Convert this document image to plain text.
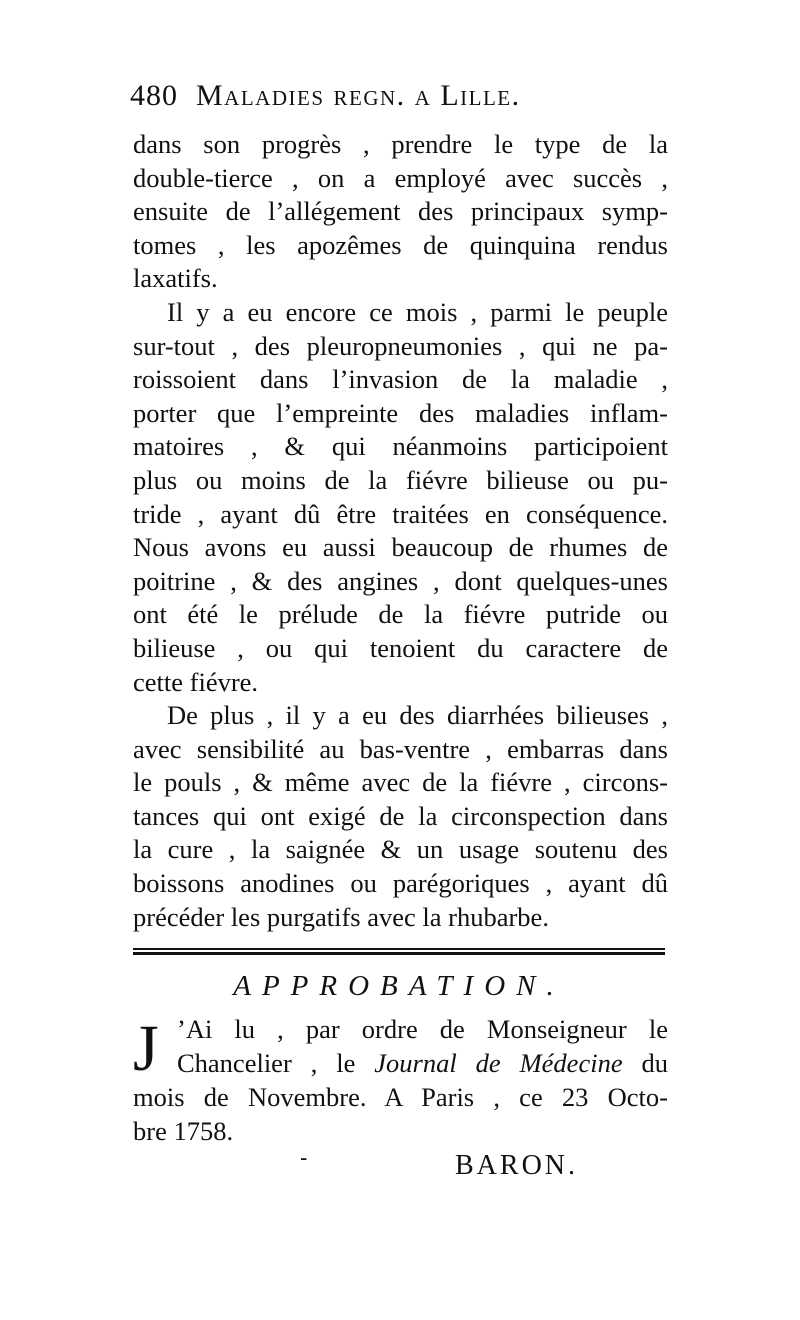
480 Maladies regn. a Lille.
dans son progrès , prendre le type de la
double-tierce , on a employé avec succès ,
ensuite de l’allégement des principaux symp-
tomes , les apozêmes de quinquina rendus
laxatifs.
Il y a eu encore ce mois , parmi le peuple
sur-tout , des pleuropneumonies , qui ne pa-
roissoient dans l’invasion de la maladie ,
porter que l’empreinte des maladies inflam-
matoires , & qui néanmoins participoient
plus ou moins de la fiévre bilieuse ou pu-
tride , ayant dû être traitées en conséquence.
Nous avons eu aussi beaucoup de rhumes de
poitrine , & des angines , dont quelques-unes
ont été le prélude de la fiévre putride ou
bilieuse , ou qui tenoient du caractere de
cette fiévre.
De plus , il y a eu des diarrhées bilieuses ,
avec sensibilité au bas-ventre , embarras dans
le pouls , & même avec de la fiévre , circons-
tances qui ont exigé de la circonspection dans
la cure , la saignée & un usage soutenu des
boissons anodines ou parégoriques , ayant dû
précéder les purgatifs avec la rhubarbe.
APPROBATION.
J ’Ai lu , par ordre de Monseigneur le
Chancelier , le Journal de Médecine du
mois de Novembre. A Paris , ce 23 Octo-
bre 1758.
-	BARON.
